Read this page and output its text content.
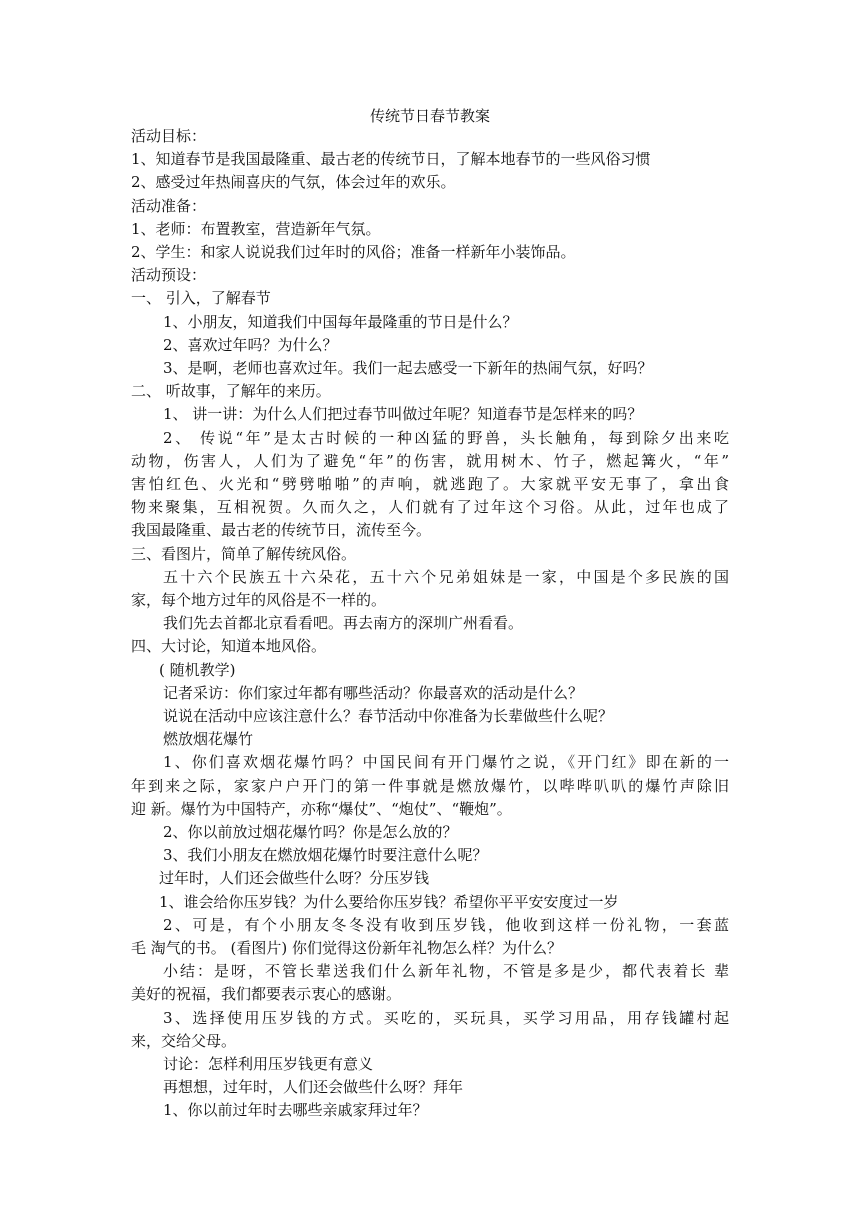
传统节日春节教案
活动目标：
1、知道春节是我国最隆重、最古老的传统节日，了解本地春节的一些风俗习惯
2、感受过年热闹喜庆的气氛，体会过年的欢乐。
活动准备：
1、老师：布置教室，营造新年气氛。
2、学生：和家人说说我们过年时的风俗；准备一样新年小装饰品。
活动预设：
一、 引入，了解春节
1、小朋友，知道我们中国每年最隆重的节日是什么？
2、喜欢过年吗？为什么？
3、是啊，老师也喜欢过年。我们一起去感受一下新年的热闹气氛，好吗？
二、 听故事，了解年的来历。
1、 讲一讲：为什么人们把过春节叫做过年呢？知道春节是怎样来的吗？
2、 传说“年”是太古时候的一种凶猛的野兽，头长触角，每到除夕出来吃
动物，伤害人，人们为了避免“年”的伤害，就用树木、竹子，燃起篝火，“年”
害怕红色、火光和“劈劈啪啪”的声响，就逃跑了。大家就平安无事了，拿出食
物来聚集，互相祝贺。久而久之，人们就有了过年这个习俗。从此，过年也成了
我国最隆重、最古老的传统节日，流传至今。
三、看图片，简单了解传统风俗。
五十六个民族五十六朵花，五十六个兄弟姐妹是一家，中国是个多民族的国
家，每个地方过年的风俗是不一样的。
我们先去首都北京看看吧。再去南方的深圳广州看看。
四、大讨论，知道本地风俗。
( 随机教学)
记者采访：你们家过年都有哪些活动？你最喜欢的活动是什么？
说说在活动中应该注意什么？春节活动中你准备为长辈做些什么呢？
燃放烟花爆竹
1、你们喜欢烟花爆竹吗？中国民间有开门爆竹之说，《开门红》即在新的一
年到来之际，家家户户开门的第一件事就是燃放爆竹，以哔哔叭叭的爆竹声除旧
迎 新。爆竹为中国特产，亦称“爆仗”、“炮仗”、“鞭炮”。
2、你以前放过烟花爆竹吗？你是怎么放的？
3、我们小朋友在燃放烟花爆竹时要注意什么呢？
过年时，人们还会做些什么呀？分压岁钱
1、谁会给你压岁钱？为什么要给你压岁钱？希望你平平安安度过一岁
2、可是，有个小朋友冬冬没有收到压岁钱，他收到这样一份礼物，一套蓝
毛 淘气的书。 (看图片) 你们觉得这份新年礼物怎么样？为什么？
小结：是呀，不管长辈送我们什么新年礼物，不管是多是少，都代表着长 辈
美好的祝福，我们都要表示衷心的感谢。
3、选择使用压岁钱的方式。买吃的，买玩具，买学习用品，用存钱罐村起
来，交给父母。
讨论：怎样利用压岁钱更有意义
再想想，过年时，人们还会做些什么呀？拜年
1、你以前过年时去哪些亲戚家拜过年？
